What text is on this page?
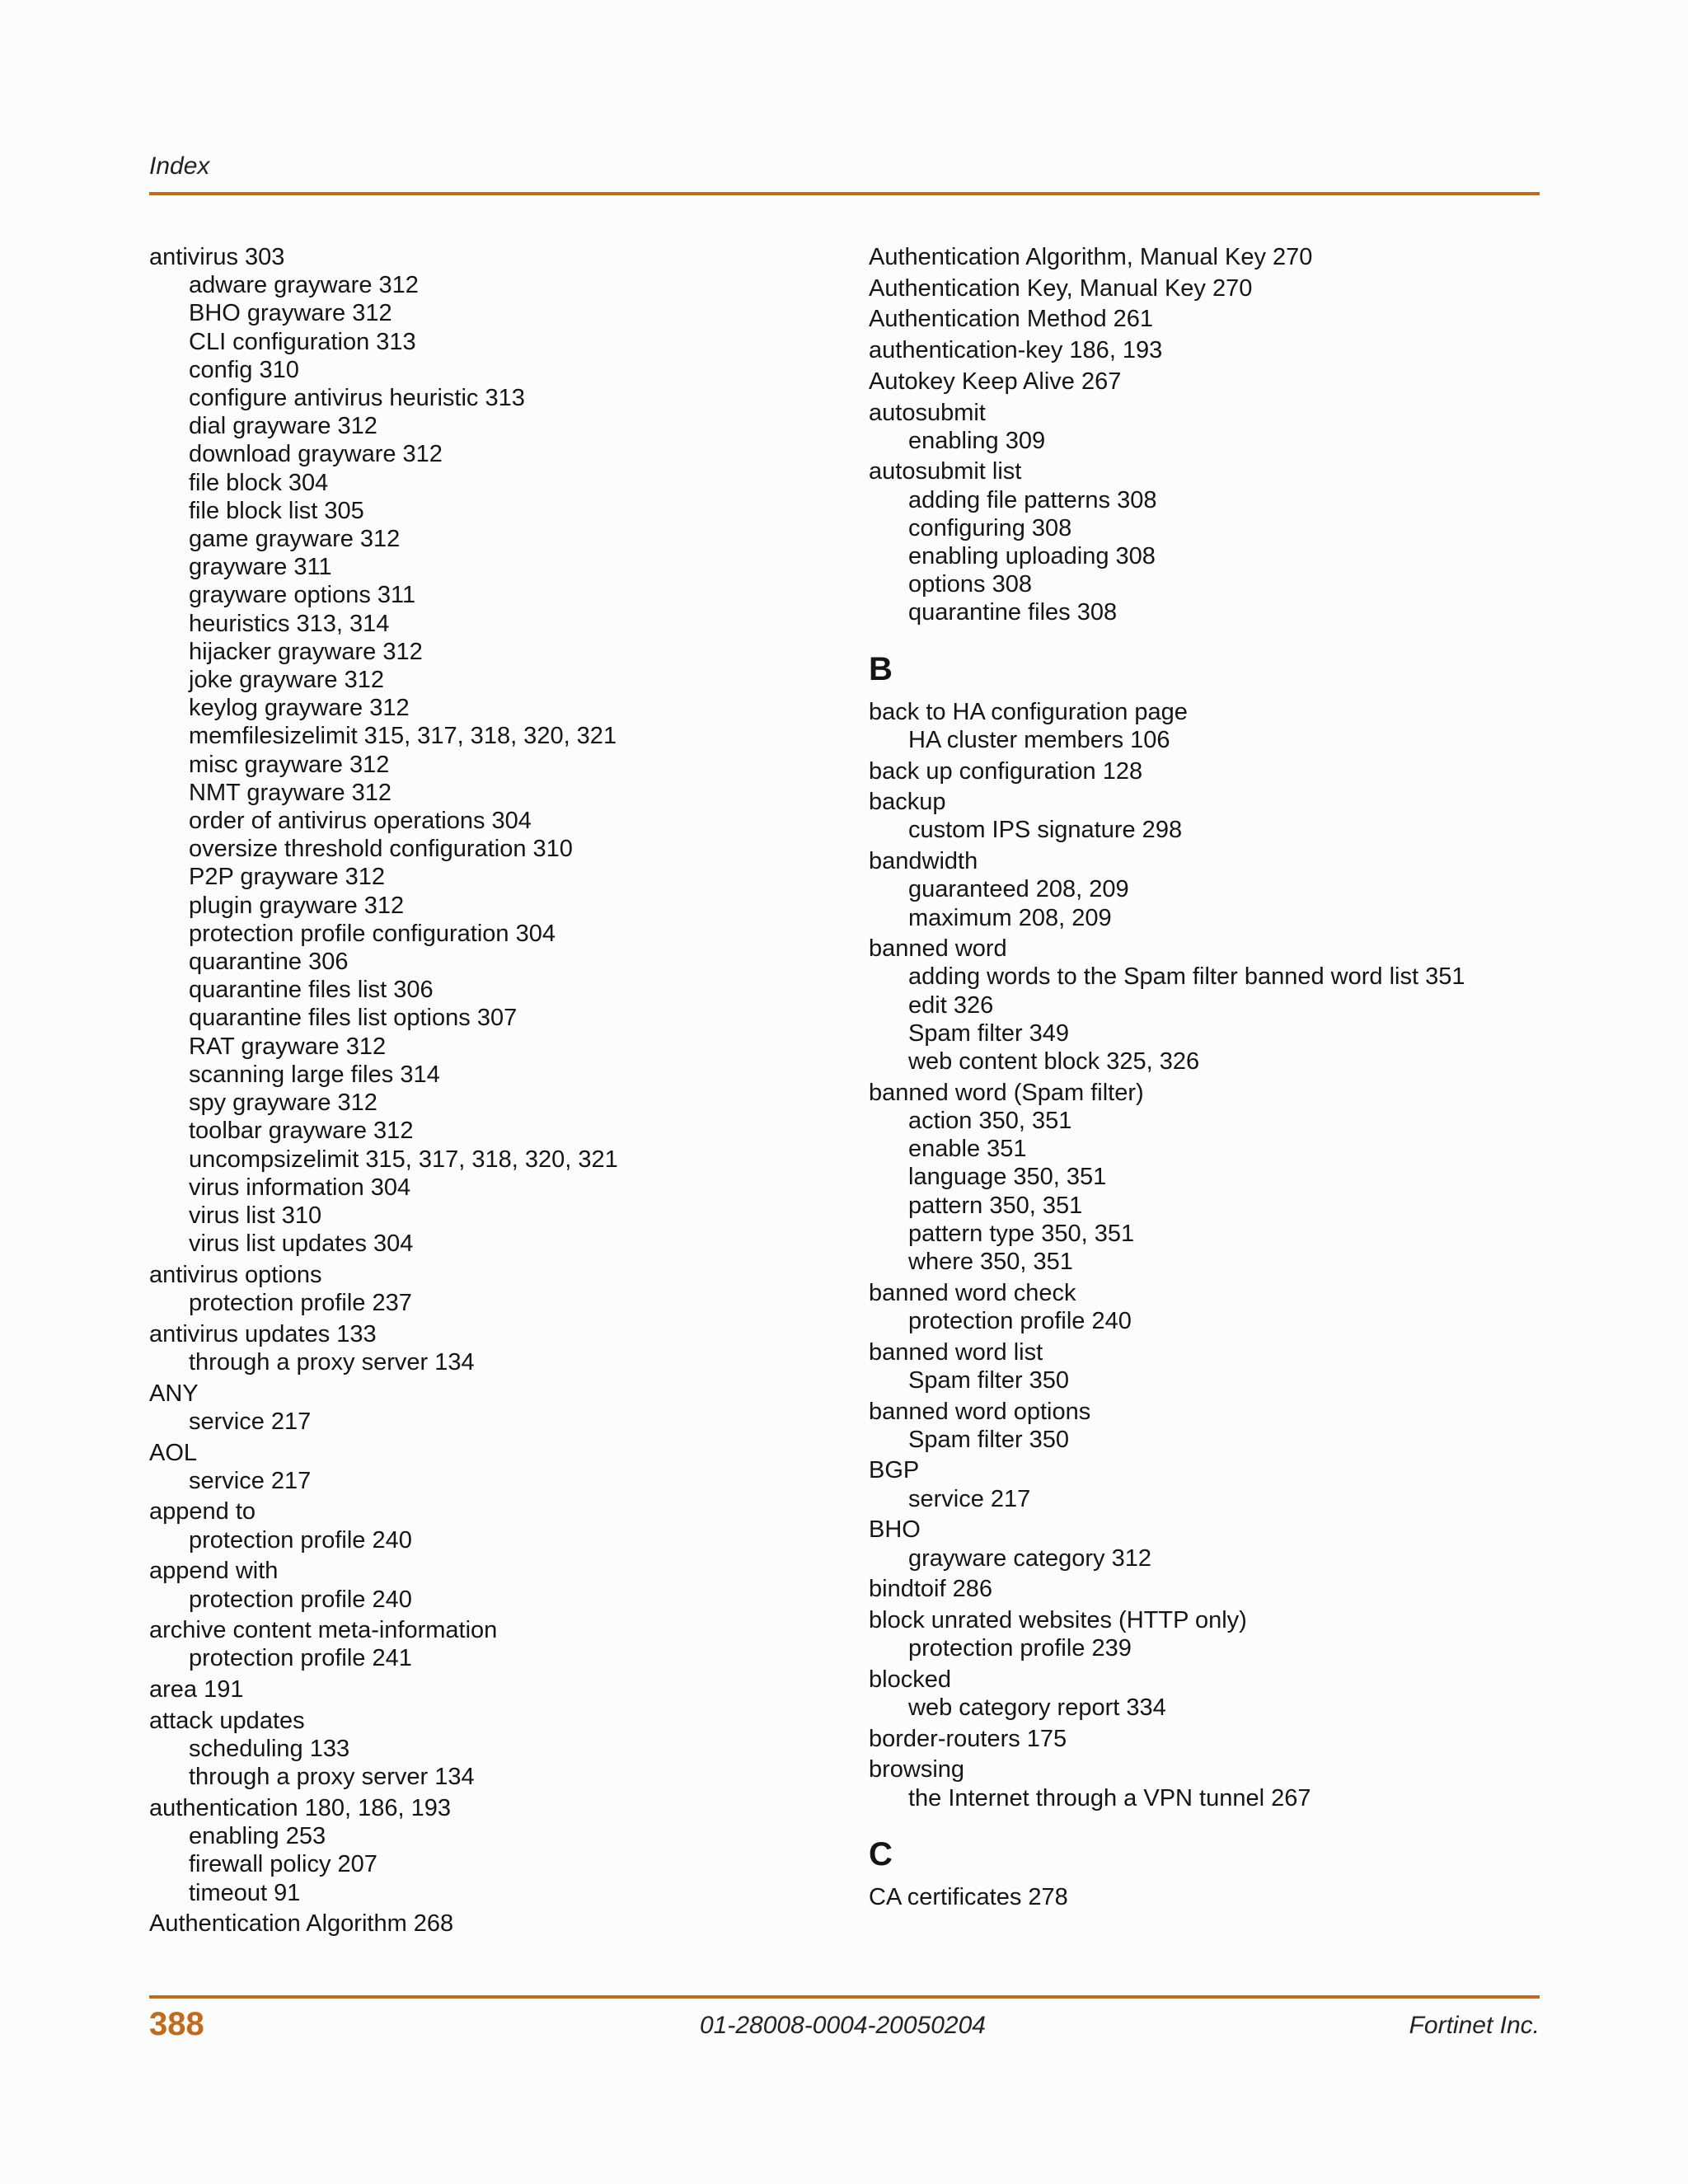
Index
antivirus 303
adware grayware 312
BHO grayware 312
CLI configuration 313
config 310
configure antivirus heuristic 313
dial grayware 312
download grayware 312
file block 304
file block list 305
game grayware 312
grayware 311
grayware options 311
heuristics 313, 314
hijacker grayware 312
joke grayware 312
keylog grayware 312
memfilesizelimit 315, 317, 318, 320, 321
misc grayware 312
NMT grayware 312
order of antivirus operations 304
oversize threshold configuration 310
P2P grayware 312
plugin grayware 312
protection profile configuration 304
quarantine 306
quarantine files list 306
quarantine files list options 307
RAT grayware 312
scanning large files 314
spy grayware 312
toolbar grayware 312
uncompsizelimit 315, 317, 318, 320, 321
virus information 304
virus list 310
virus list updates 304
antivirus options
protection profile 237
antivirus updates 133
through a proxy server 134
ANY
service 217
AOL
service 217
append to
protection profile 240
append with
protection profile 240
archive content meta-information
protection profile 241
area 191
attack updates
scheduling 133
through a proxy server 134
authentication 180, 186, 193
enabling 253
firewall policy 207
timeout 91
Authentication Algorithm 268
Authentication Algorithm, Manual Key 270
Authentication Key, Manual Key 270
Authentication Method 261
authentication-key 186, 193
Autokey Keep Alive 267
autosubmit
enabling 309
autosubmit list
adding file patterns 308
configuring 308
enabling uploading 308
options 308
quarantine files 308
B
back to HA configuration page
HA cluster members 106
back up configuration 128
backup
custom IPS signature 298
bandwidth
guaranteed 208, 209
maximum 208, 209
banned word
adding words to the Spam filter banned word list 351
edit 326
Spam filter 349
web content block 325, 326
banned word (Spam filter)
action 350, 351
enable 351
language 350, 351
pattern 350, 351
pattern type 350, 351
where 350, 351
banned word check
protection profile 240
banned word list
Spam filter 350
banned word options
Spam filter 350
BGP
service 217
BHO
grayware category 312
bindtoif 286
block unrated websites (HTTP only)
protection profile 239
blocked
web category report 334
border-routers 175
browsing
the Internet through a VPN tunnel 267
C
CA certificates 278
388	01-28008-0004-20050204	Fortinet Inc.
